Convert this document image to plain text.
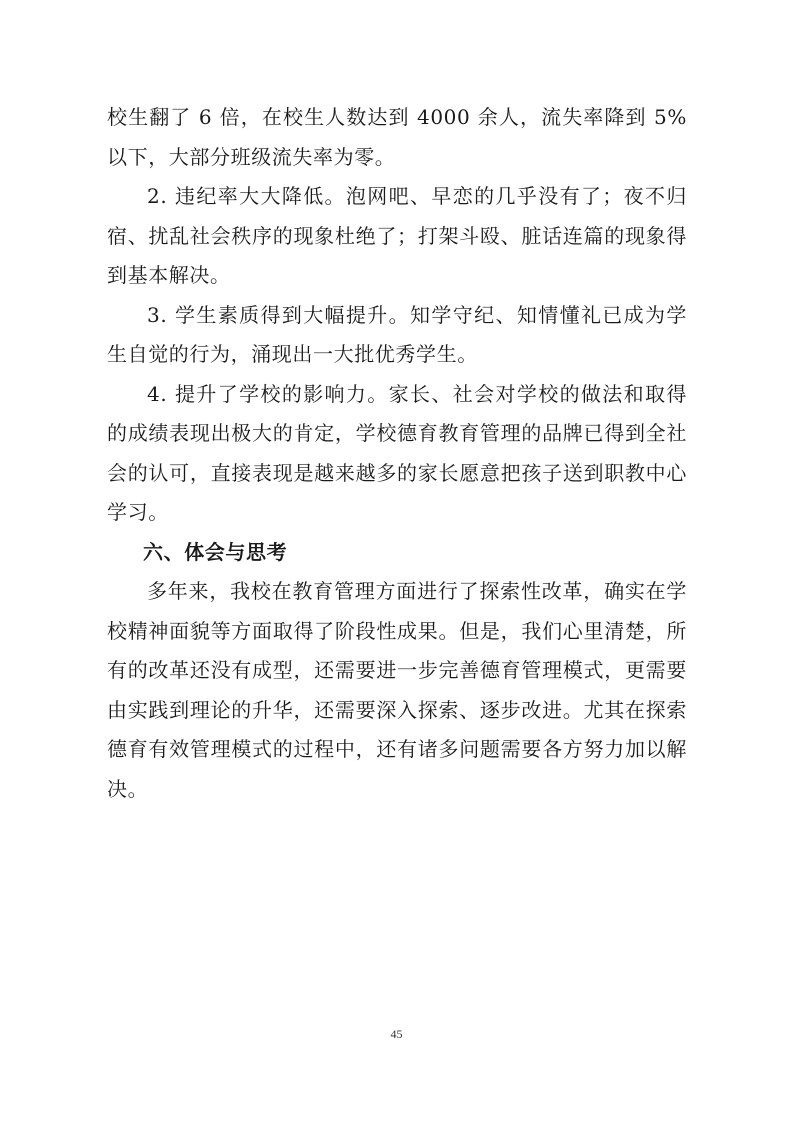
校生翻了 6 倍，在校生人数达到 4000 余人，流失率降到 5%以下，大部分班级流失率为零。

2. 违纪率大大降低。泡网吧、早恋的几乎没有了；夜不归宿、扰乱社会秩序的现象杜绝了；打架斗殴、脏话连篇的现象得到基本解决。

3. 学生素质得到大幅提升。知学守纪、知情懂礼已成为学生自觉的行为，涌现出一大批优秀学生。

4. 提升了学校的影响力。家长、社会对学校的做法和取得的成绩表现出极大的肯定，学校德育教育管理的品牌已得到全社会的认可，直接表现是越来越多的家长愿意把孩子送到职教中心学习。

六、体会与思考

多年来，我校在教育管理方面进行了探索性改革，确实在学校精神面貌等方面取得了阶段性成果。但是，我们心里清楚，所有的改革还没有成型，还需要进一步完善德育管理模式，更需要由实践到理论的升华，还需要深入探索、逐步改进。尤其在探索德育有效管理模式的过程中，还有诸多问题需要各方努力加以解决。

45
